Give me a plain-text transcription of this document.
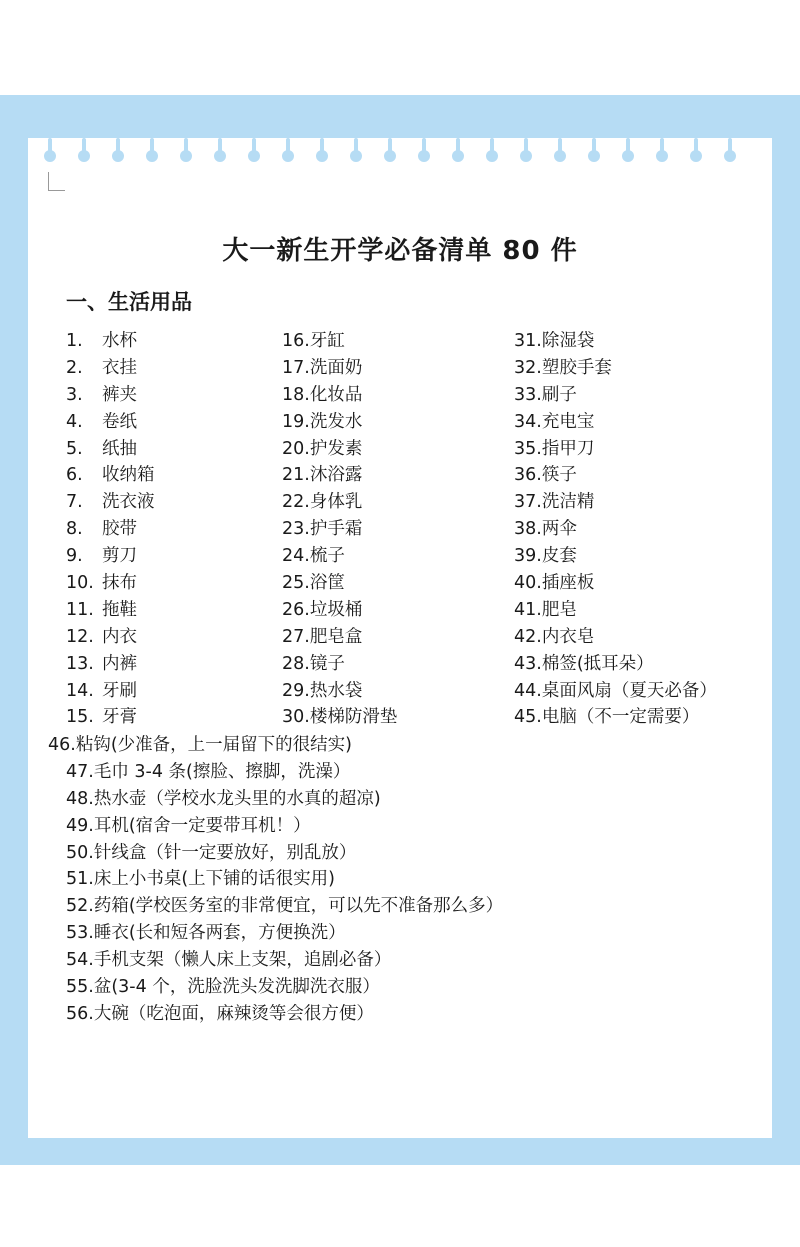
大一新生开学必备清单 80 件
一、生活用品
1.	水杯
2.	衣挂
3.	裤夹
4.	卷纸
5.	纸抽
6.	收纳箱
7.	洗衣液
8.	胶带
9.	剪刀
10. 抹布
11. 拖鞋
12. 内衣
13. 内裤
14. 牙刷
15. 牙膏
16. 牙缸
17. 洗面奶
18. 化妆品
19. 洗发水
20. 护发素
21. 沐浴露
22. 身体乳
23. 护手霜
24. 梳子
25. 浴筐
26. 垃圾桶
27. 肥皂盒
28. 镜子
29. 热水袋
30. 楼梯防滑垫
31. 除湿袋
32. 塑胶手套
33. 刷子
34. 充电宝
35. 指甲刀
36. 筷子
37. 洗洁精
38. 两伞
39. 皮套
40. 插座板
41. 肥皂
42. 内衣皂
43. 棉签(抵耳朵）
44. 桌面风扇（夏天必备）
45. 电脑（不一定需要）
46. 粘钩(少准备，上一届留下的很结实)
47. 毛巾 3-4 条(擦脸、擦脚，洗澡）
48. 热水壶（学校水龙头里的水真的超凉)
49. 耳机(宿舍一定要带耳机！）
50. 针线盒（针一定要放好，别乱放）
51. 床上小书桌(上下铺的话很实用)
52. 药箱(学校医务室的非常便宜，可以先不准备那么多）
53. 睡衣(长和短各两套，方便换洗）
54. 手机支架（懒人床上支架，追剧必备）
55. 盆(3-4 个，洗脸洗头发洗脚洗衣服）
56. 大碗（吃泡面，麻辣烫等会很方便）
